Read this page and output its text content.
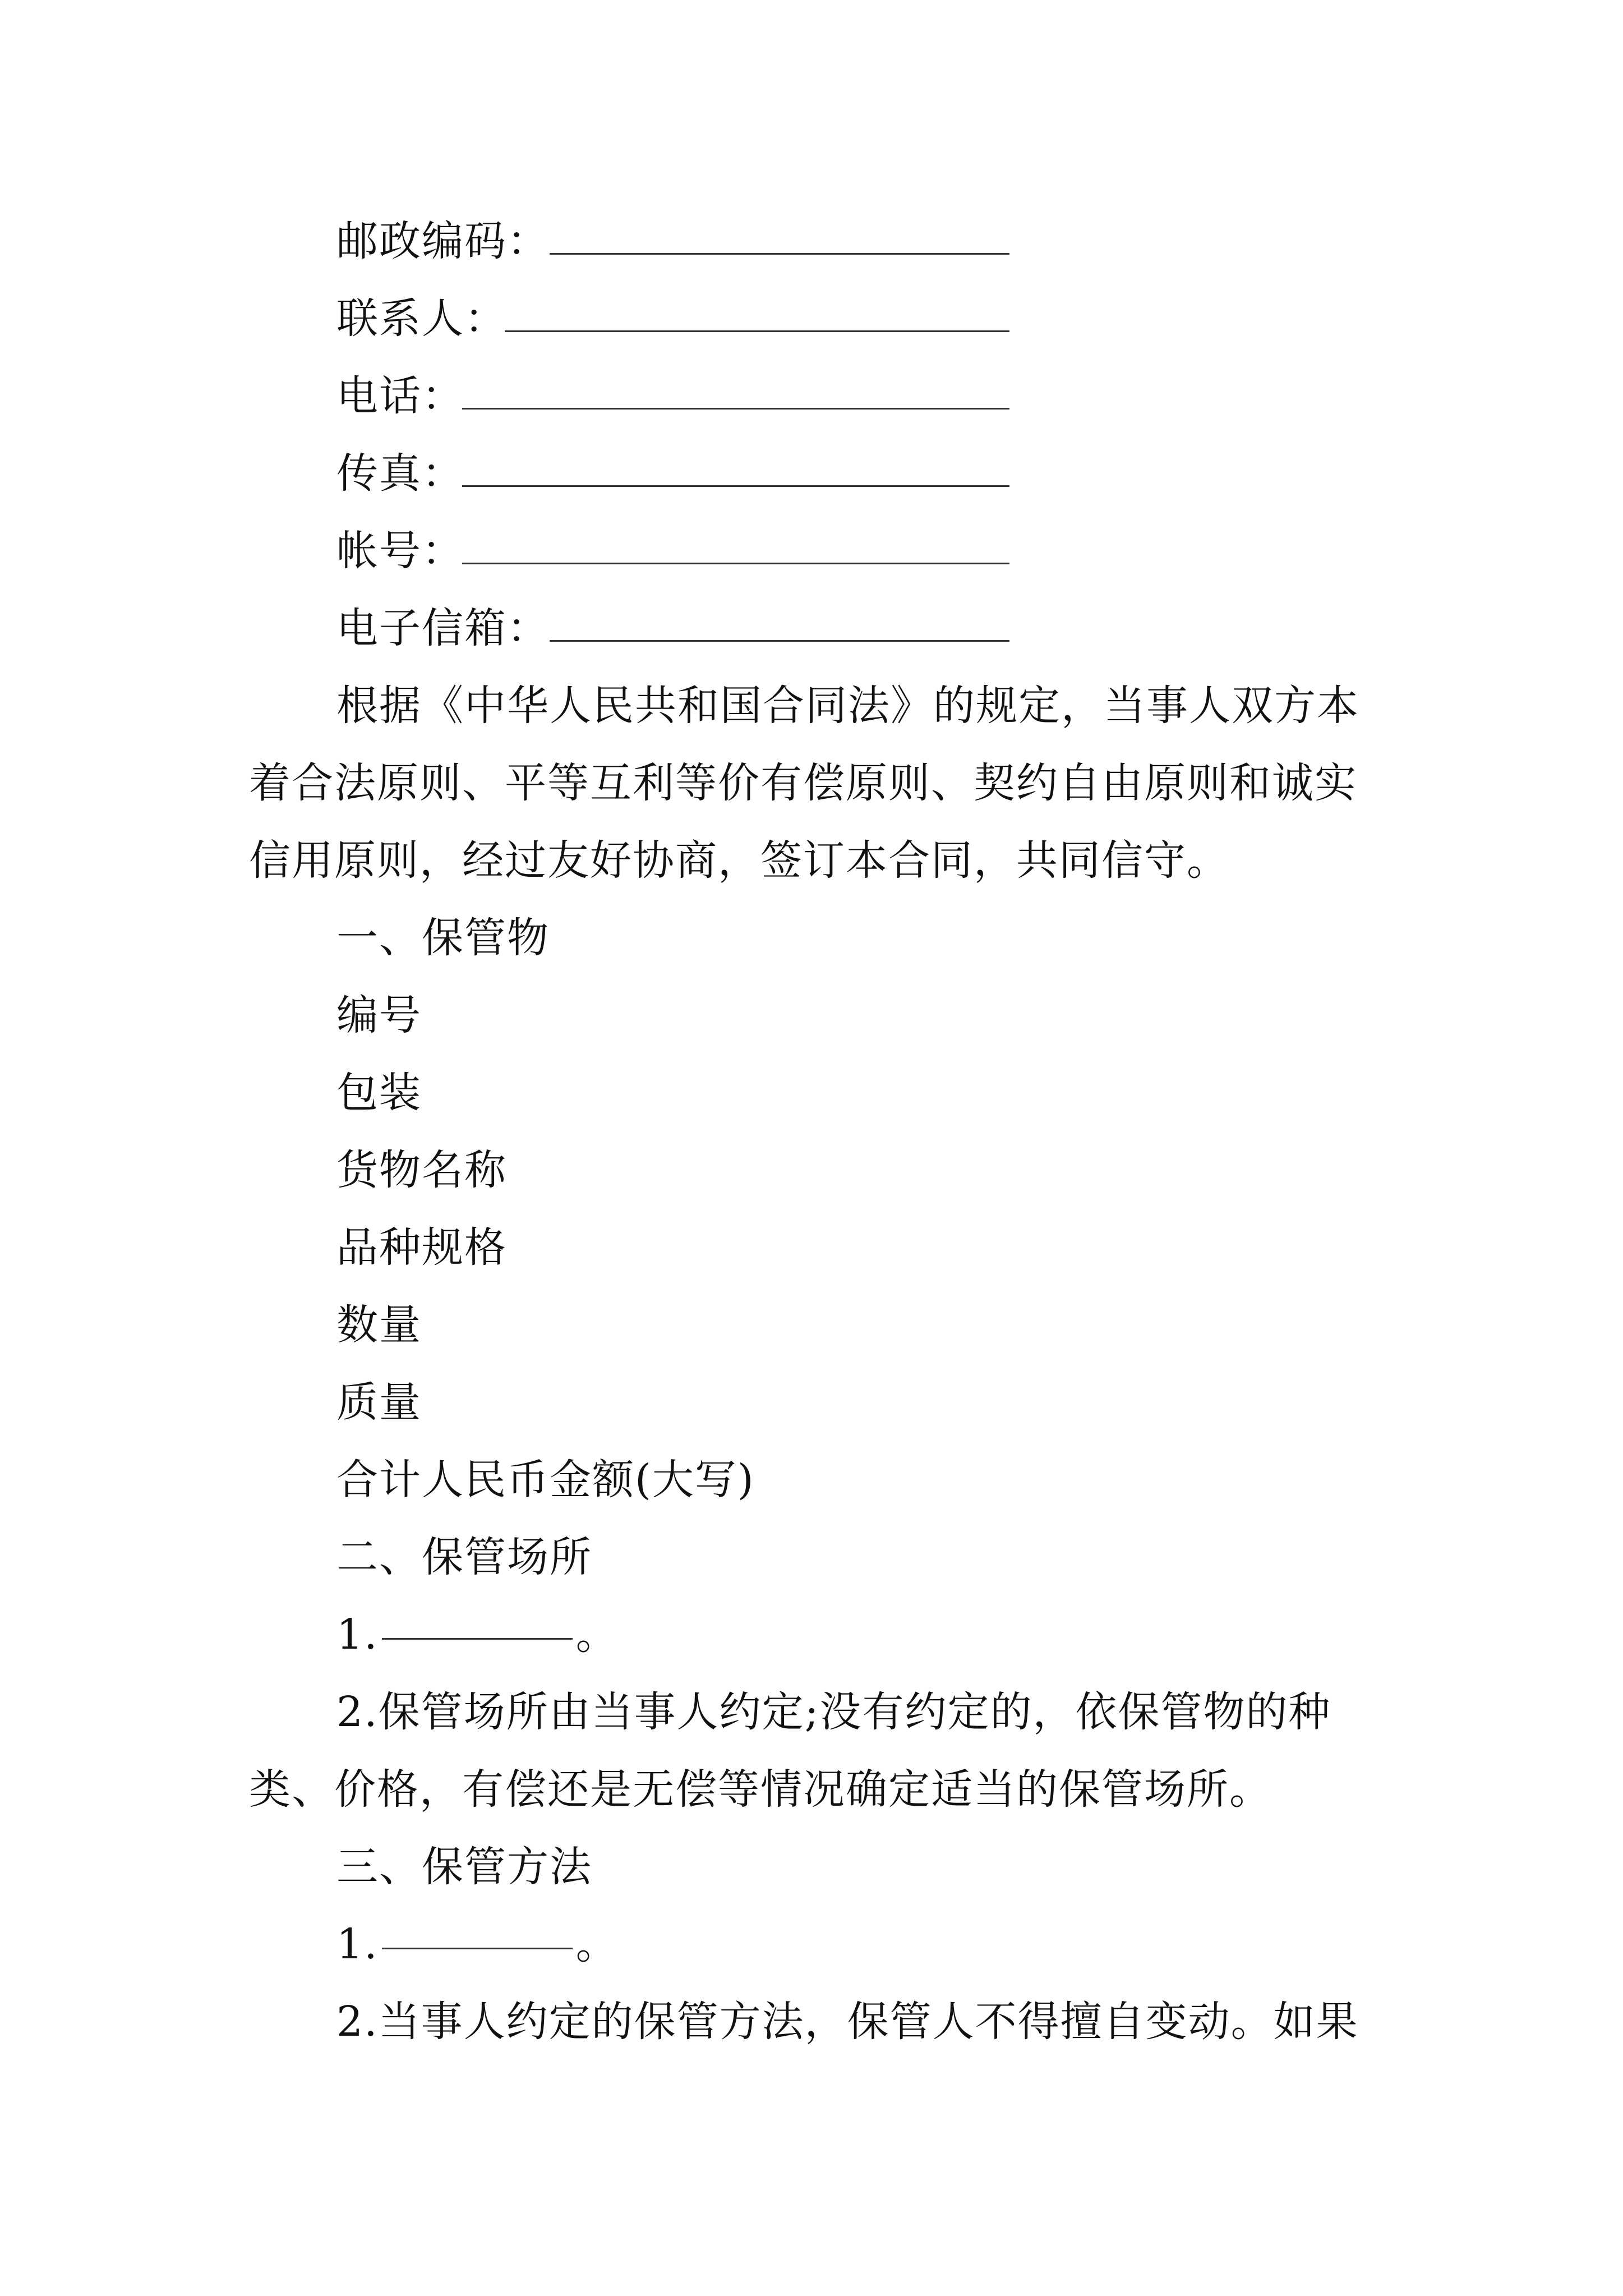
邮政编码：
联系人：
电话：
传真：
帐号：
电子信箱：
根据《中华人民共和国合同法》的规定，当事人双方本
着合法原则、平等互利等价有偿原则、契约自由原则和诚实
信用原则，经过友好协商，签订本合同，共同信守。
一、保管物
编号
包装
货物名称
品种规格
数量
质量
合计人民币金额(大写)
二、保管场所
1.	。
2.保管场所由当事人约定;没有约定的，依保管物的种
类、价格，有偿还是无偿等情况确定适当的保管场所。
三、保管方法
1.	。
2.当事人约定的保管方法，保管人不得擅自变动。如果
